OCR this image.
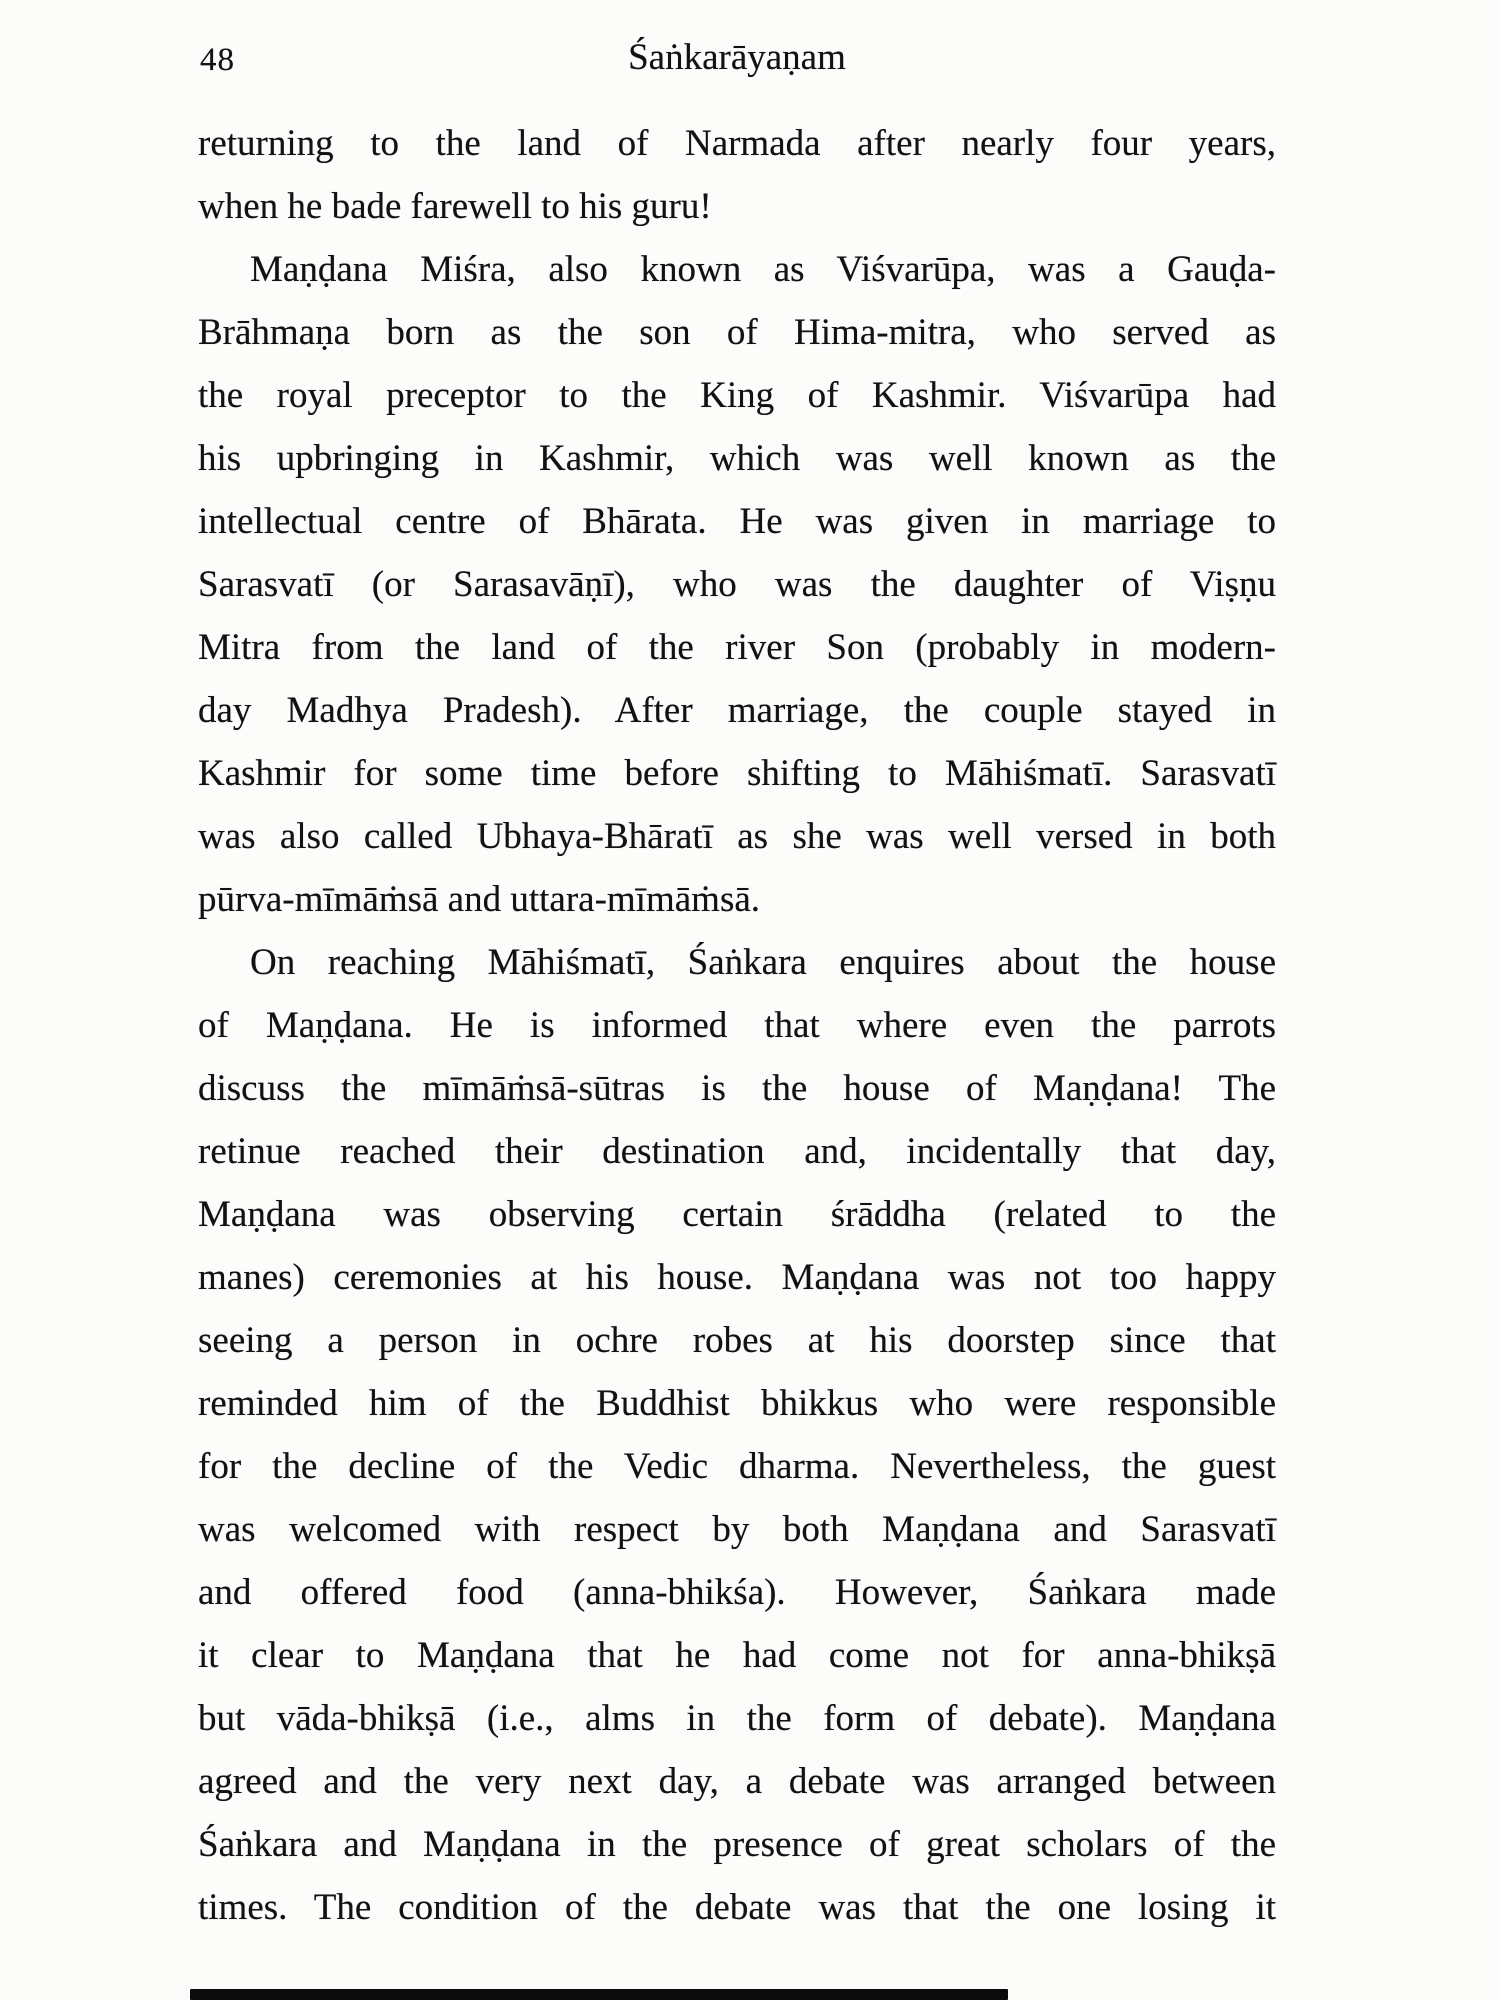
48	Śaṅkarāyaṇam
returning to the land of Narmada after nearly four years,
when he bade farewell to his guru!
Maṇḍana Miśra, also known as Viśvarūpa, was a Gauḍa-
Brāhmaṇa born as the son of Hima-mitra, who served as
the royal preceptor to the King of Kashmir. Viśvarūpa had
his upbringing in Kashmir, which was well known as the
intellectual centre of Bhārata. He was given in marriage to
Sarasvatī (or Sarasavāṇī), who was the daughter of Viṣṇu
Mitra from the land of the river Son (probably in modern-
day Madhya Pradesh). After marriage, the couple stayed in
Kashmir for some time before shifting to Māhiśmatī. Sarasvatī
was also called Ubhaya-Bhāratī as she was well versed in both
pūrva-mīmāṁsā and uttara-mīmāṁsā.
On reaching Māhiśmatī, Śaṅkara enquires about the house
of Maṇḍana. He is informed that where even the parrots
discuss the mīmāṁsā-sūtras is the house of Maṇḍana! The
retinue reached their destination and, incidentally that day,
Maṇḍana was observing certain śrāddha (related to the
manes) ceremonies at his house. Maṇḍana was not too happy
seeing a person in ochre robes at his doorstep since that
reminded him of the Buddhist bhikkus who were responsible
for the decline of the Vedic dharma. Nevertheless, the guest
was welcomed with respect by both Maṇḍana and Sarasvatī
and offered food (anna-bhikśa). However, Śaṅkara made
it clear to Maṇḍana that he had come not for anna-bhikṣā
but vāda-bhikṣā (i.e., alms in the form of debate). Maṇḍana
agreed and the very next day, a debate was arranged between
Śaṅkara and Maṇḍana in the presence of great scholars of the
times. The condition of the debate was that the one losing it
